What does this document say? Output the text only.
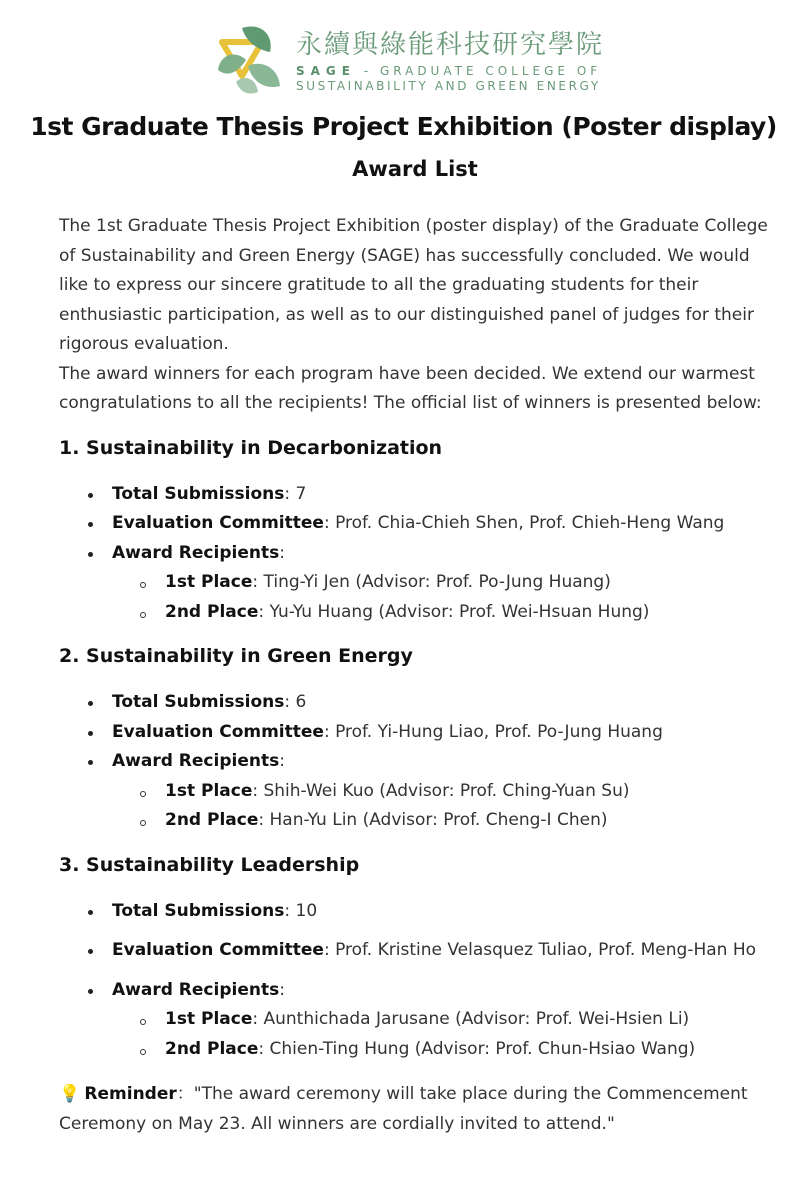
永續與綠能科技研究學院
SAGE - GRADUATE COLLEGE OF
SUSTAINABILITY AND GREEN ENERGY
1st Graduate Thesis Project Exhibition (Poster display)
Award List

The 1st Graduate Thesis Project Exhibition (poster display) of the Graduate College of Sustainability and Green Energy (SAGE) has successfully concluded. We would like to express our sincere gratitude to all the graduating students for their enthusiastic participation, as well as to our distinguished panel of judges for their rigorous evaluation.

The award winners for each program have been decided. We extend our warmest congratulations to all the recipients! The official list of winners is presented below:

1. Sustainability in Decarbonization
Total Submissions: 7
Evaluation Committee: Prof. Chia-Chieh Shen, Prof. Chieh-Heng Wang
Award Recipients:
1st Place: Ting-Yi Jen (Advisor: Prof. Po-Jung Huang)
2nd Place: Yu-Yu Huang (Advisor: Prof. Wei-Hsuan Hung)
2. Sustainability in Green Energy
Total Submissions: 6
Evaluation Committee: Prof. Yi-Hung Liao, Prof. Po-Jung Huang
Award Recipients:
1st Place: Shih-Wei Kuo (Advisor: Prof. Ching-Yuan Su)
2nd Place: Han-Yu Lin (Advisor: Prof. Cheng-I Chen)
3. Sustainability Leadership
Total Submissions: 10
Evaluation Committee: Prof. Kristine Velasquez Tuliao, Prof. Meng-Han Ho
Award Recipients:
1st Place: Aunthichada Jarusane (Advisor: Prof. Wei-Hsien Li)
2nd Place: Chien-Ting Hung (Advisor: Prof. Chun-Hsiao Wang)

💡 Reminder："The award ceremony will take place during the Commencement Ceremony on May 23. All winners are cordially invited to attend."
